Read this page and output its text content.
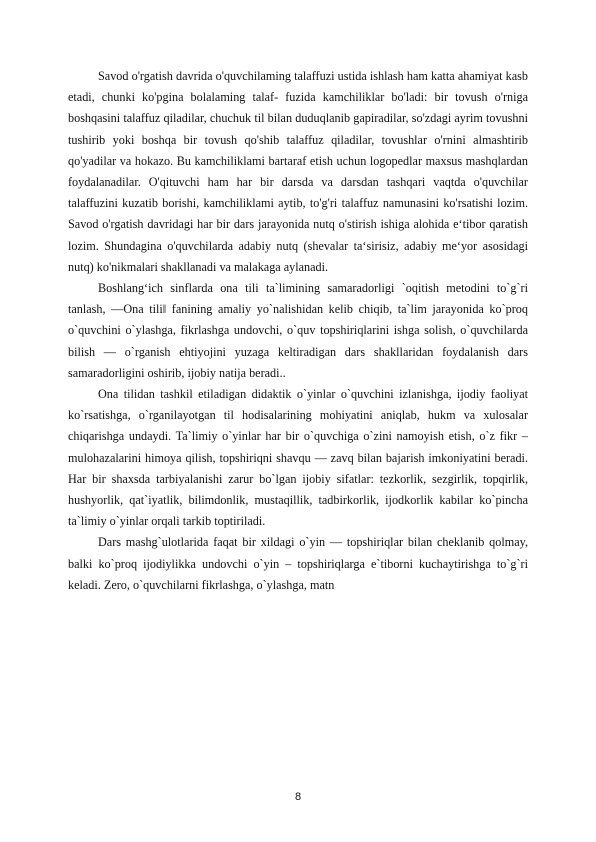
Savod o'rgatish davrida o'quvchilaming talaffuzi ustida ishlash ham katta ahamiyat kasb etadi, chunki ko'pgina bolalaming talaf- fuzida kamchiliklar bo'ladi: bir tovush o'rniga boshqasini talaffuz qiladilar, chuchuk til bilan duduqlanib gapiradilar, so'zdagi ayrim tovushni tushirib yoki boshqa bir tovush qo'shib talaffuz qiladilar, tovushlar o'rnini almashtirib qo'yadilar va hokazo. Bu kamchiliklami bartaraf etish uchun logopedlar maxsus mashqlardan foydalanadilar. O'qituvchi ham har bir darsda va darsdan tashqari vaqtda o'quvchilar talaffuzini kuzatib borishi, kamchiliklami aytib, to'g'ri talaffuz namunasini ko'rsatishi lozim. Savod o'rgatish davridagi har bir dars jarayonida nutq o'stirish ishiga alohida e‘tibor qaratish lozim. Shundagina o'quvchilarda adabiy nutq (shevalar ta‘sirisiz, adabiy me‘yor asosidagi nutq) ko'nikmalari shakllanadi va malakaga aylanadi.

Boshlang‘ich sinflarda ona tili ta`limining samaradorligi `oqitish metodini to`g`ri tanlash, ―Ona tili‖ fanining amaliy yo`nalishidan kelib chiqib, ta`lim jarayonida ko`proq o`quvchini o`ylashga, fikrlashga undovchi, o`quv topshiriqlarini ishga solish, o`quvchilarda bilish — o`rganish ehtiyojini yuzaga keltiradigan dars shakllaridan foydalanish dars samaradorligini oshirib, ijobiy natija beradi..

Ona tilidan tashkil etiladigan didaktik o`yinlar o`quvchini izlanishga, ijodiy faoliyat ko`rsatishga, o`rganilayotgan til hodisalarining mohiyatini aniqlab, hukm va xulosalar chiqarishga undaydi. Ta`limiy o`yinlar har bir o`quvchiga o`zini namoyish etish, o`z fikr – mulohazalarini himoya qilish, topshiriqni shavqu — zavq bilan bajarish imkoniyatini beradi. Har bir shaxsda tarbiyalanishi zarur bo`lgan ijobiy sifatlar: tezkorlik, sezgirlik, topqirlik, hushyorlik, qat`iyatlik, bilimdonlik, mustaqillik, tadbirkorlik, ijodkorlik kabilar ko`pincha ta`limiy o`yinlar orqali tarkib toptiriladi.

Dars mashg`ulotlarida faqat bir xildagi o`yin — topshiriqlar bilan cheklanib qolmay, balki ko`proq ijodiylikka undovchi o`yin – topshiriqlarga e`tiborni kuchaytirishga to`g`ri keladi. Zero, o`quvchilarni fikrlashga, o`ylashga, matn

8
